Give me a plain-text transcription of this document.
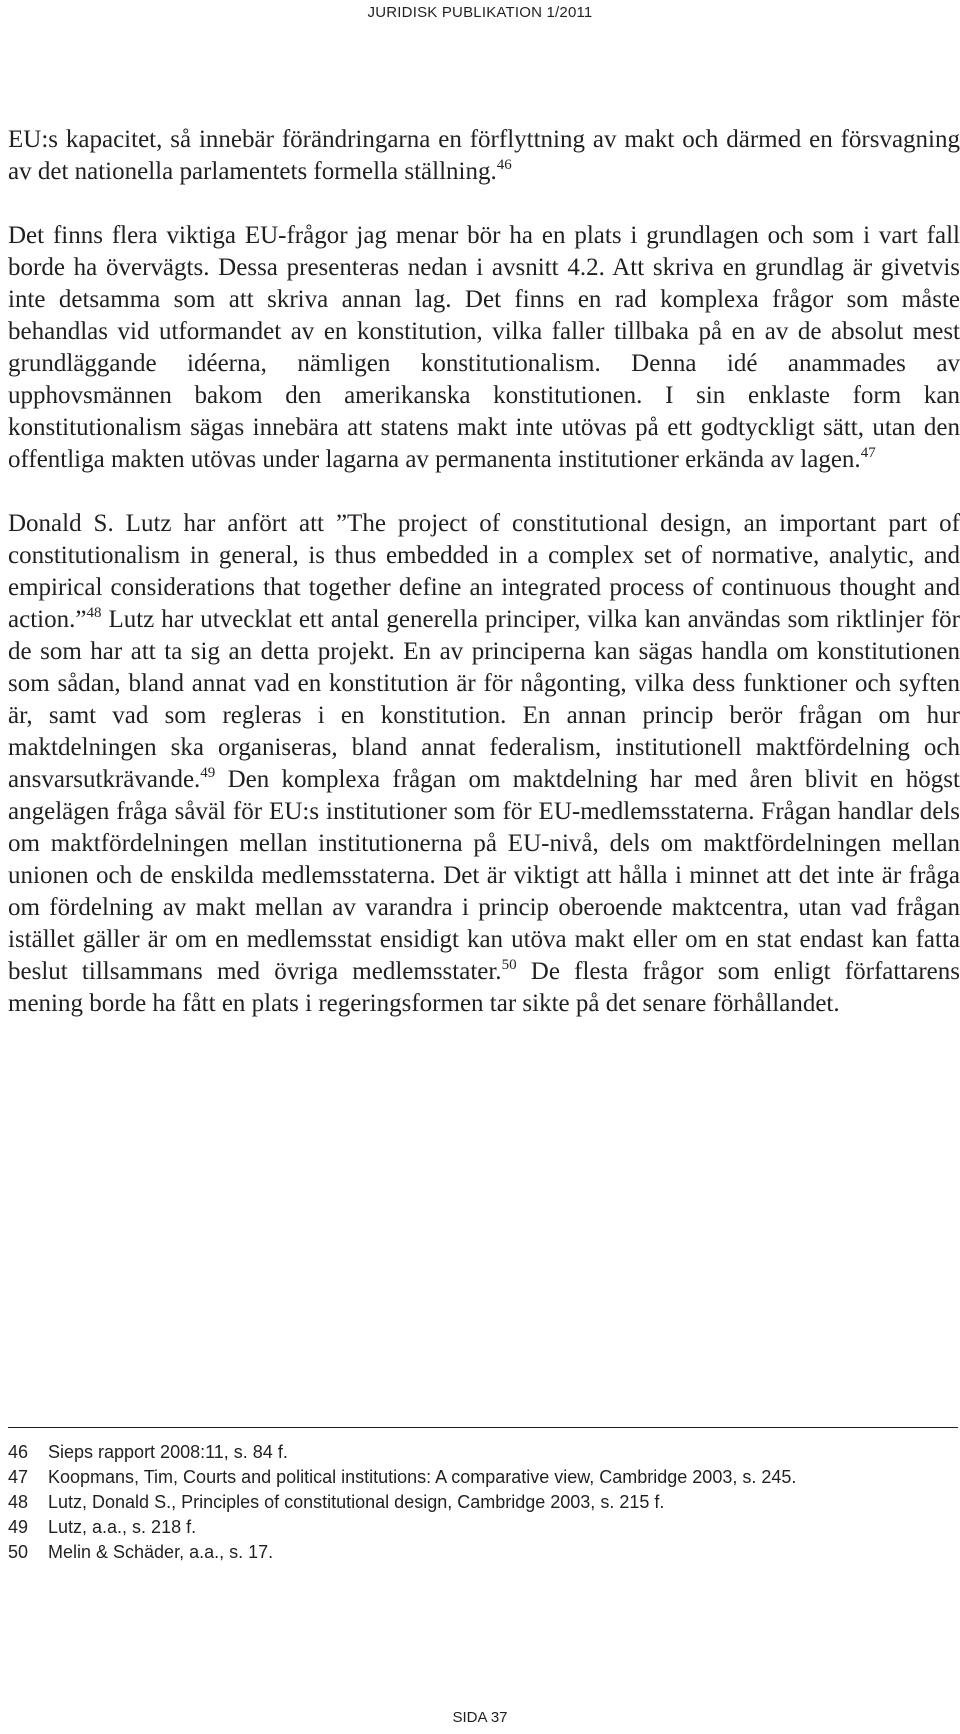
JURIDISK PUBLIKATION 1/2011

EU:s kapacitet, så innebär förändringarna en förflyttning av makt och därmed en försvagning av det nationella parlamentets formella ställning.$^{46}$

Det finns flera viktiga EU-frågor jag menar bör ha en plats i grundlagen och som i vart fall borde ha övervägts. Dessa presenteras nedan i avsnitt 4.2. Att skriva en grundlag är givetvis inte detsamma som att skriva annan lag. Det finns en rad komplexa frågor som måste behandlas vid utformandet av en konstitution, vilka faller tillbaka på en av de absolut mest grundläggande idéerna, nämligen konstitutionalism. Denna idé anammades av upphovsmännen bakom den amerikanska konstitutionen. I sin enklaste form kan konstitutionalism sägas innebära att statens makt inte utövas på ett godtyckligt sätt, utan den offentliga makten utövas under lagarna av permanenta institutioner erkända av lagen.$^{47}$

Donald S. Lutz har anfört att ”The project of constitutional design, an important part of constitutionalism in general, is thus embedded in a complex set of normative, analytic, and empirical considerations that together define an integrated process of continuous thought and action.”$^{48}$ Lutz har utvecklat ett antal generella principer, vilka kan användas som riktlinjer för de som har att ta sig an detta projekt. En av principerna kan sägas handla om konstitutionen som sådan, bland annat vad en konstitution är för någonting, vilka dess funktioner och syften är, samt vad som regleras i en konstitution. En annan princip berör frågan om hur maktdelningen ska organiseras, bland annat federalism, institutionell maktfördelning och ansvarsutkrävande.$^{49}$ Den komplexa frågan om maktdelning har med åren blivit en högst angelägen fråga såväl för EU:s institutioner som för EU-medlemsstaterna. Frågan handlar dels om maktfördelningen mellan institutionerna på EU-nivå, dels om maktfördelningen mellan unionen och de enskilda medlemsstaterna. Det är viktigt att hålla i minnet att det inte är fråga om fördelning av makt mellan av varandra i princip oberoende maktcentra, utan vad frågan istället gäller är om en medlemsstat ensidigt kan utöva makt eller om en stat endast kan fatta beslut tillsammans med övriga medlemsstater.$^{50}$ De flesta frågor som enligt författarens mening borde ha fått en plats i regeringsformen tar sikte på det senare förhållandet.

46	Sieps rapport 2008:11, s. 84 f.
47	Koopmans, Tim, Courts and political institutions: A comparative view, Cambridge 2003, s. 245.
48	Lutz, Donald S., Principles of constitutional design, Cambridge 2003, s. 215 f.
49	Lutz, a.a., s. 218 f.
50	Melin & Schäder, a.a., s. 17.
SIDA 37
